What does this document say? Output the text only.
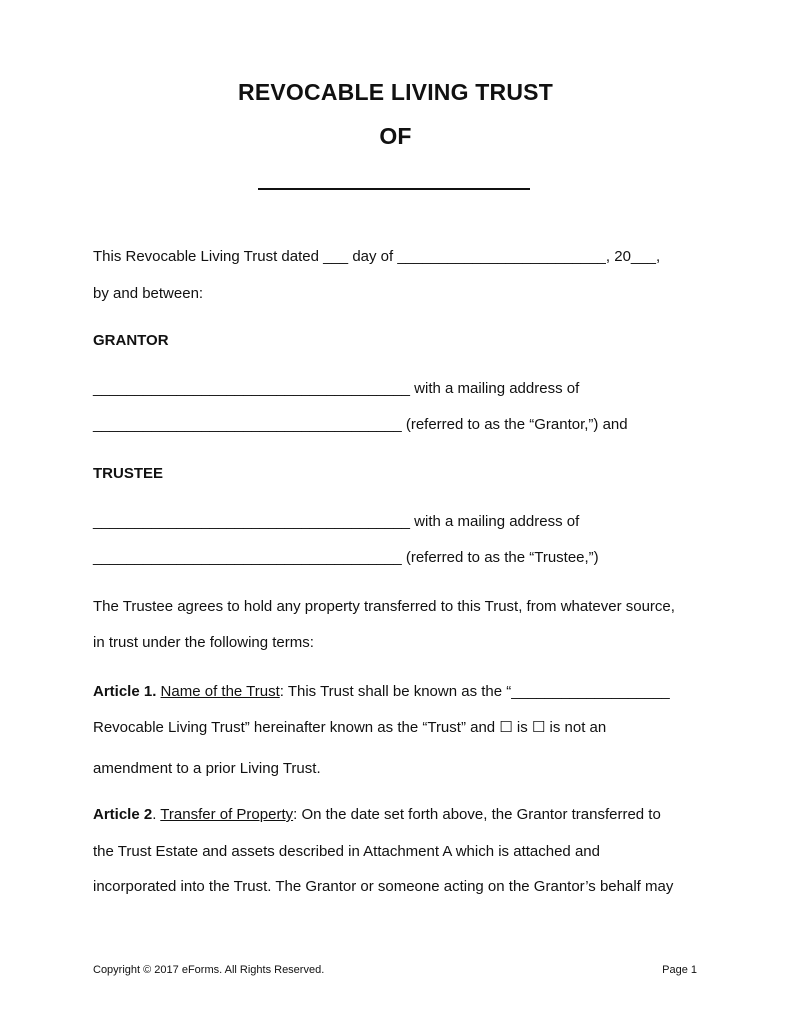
REVOCABLE LIVING TRUST
OF
This Revocable Living Trust dated ___ day of _________________________, 20___,
by and between:
GRANTOR
______________________________________ with a mailing address of
_____________________________________ (referred to as the “Grantor,”) and
TRUSTEE
______________________________________ with a mailing address of
_____________________________________ (referred to as the “Trustee,”)
The Trustee agrees to hold any property transferred to this Trust, from whatever source,
in trust under the following terms:
Article 1. Name of the Trust: This Trust shall be known as the “___________________
Revocable Living Trust” hereinafter known as the “Trust” and ☐ is ☐ is not an
amendment to a prior Living Trust.
Article 2. Transfer of Property: On the date set forth above, the Grantor transferred to
the Trust Estate and assets described in Attachment A which is attached and
incorporated into the Trust. The Grantor or someone acting on the Grantor’s behalf may
Copyright © 2017 eForms. All Rights Reserved.	Page 1
